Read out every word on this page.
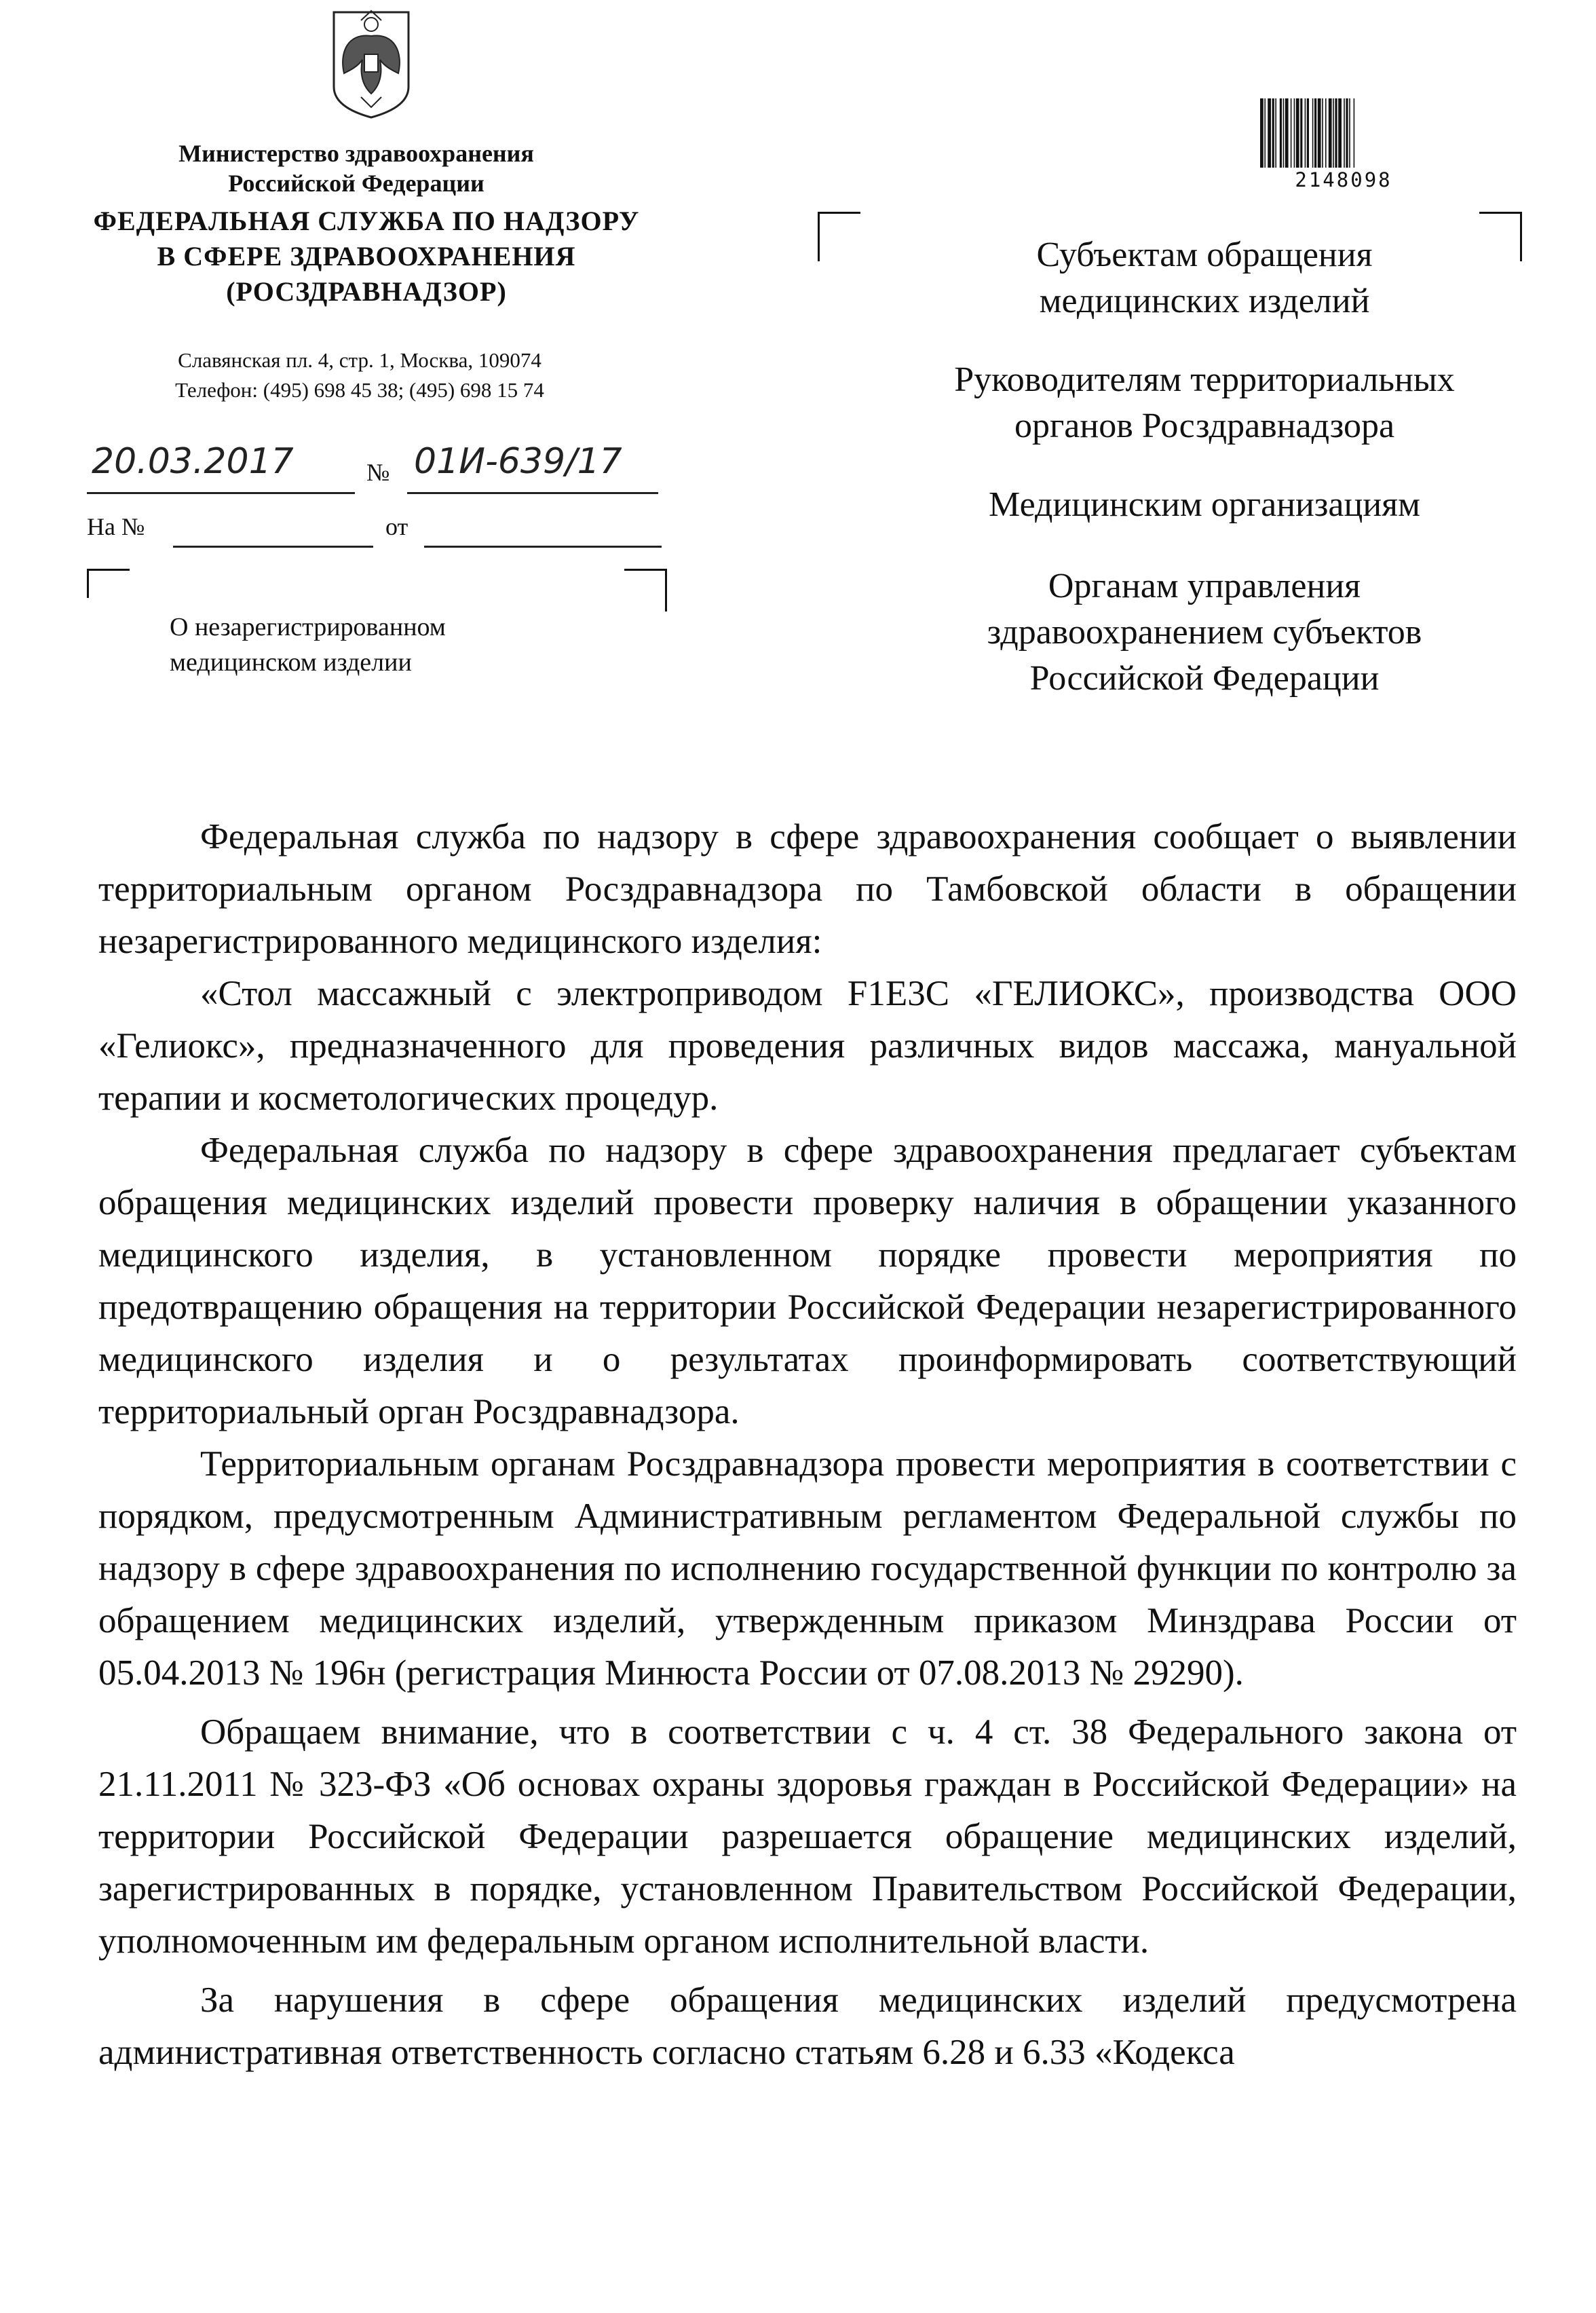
Министерство здравоохранения
Российской Федерации
ФЕДЕРАЛЬНАЯ СЛУЖБА ПО НАДЗОРУ
В СФЕРЕ ЗДРАВООХРАНЕНИЯ
(РОСЗДРАВНАДЗОР)
Славянская пл. 4, стр. 1, Москва, 109074
Телефон: (495) 698 45 38; (495) 698 15 74
20.03.2017	№ 01И-639/17
На №	от
О незарегистрированном
медицинском изделии
2148098
Субъектам обращения
медицинских изделий
Руководителям территориальных
органов Росздравнадзора
Медицинским организациям
Органам управления
здравоохранением субъектов
Российской Федерации

Федеральная служба по надзору в сфере здравоохранения сообщает о выявлении территориальным органом Росздравнадзора по Тамбовской области в обращении незарегистрированного медицинского изделия:

«Стол массажный с электроприводом F1E3C «ГЕЛИОКС», производства ООО «Гелиокс», предназначенного для проведения различных видов массажа, мануальной терапии и косметологических процедур.

Федеральная служба по надзору в сфере здравоохранения предлагает субъектам обращения медицинских изделий провести проверку наличия в обращении указанного медицинского изделия, в установленном порядке провести мероприятия по предотвращению обращения на территории Российской Федерации незарегистрированного медицинского изделия и о результатах проинформировать соответствующий территориальный орган Росздравнадзора.

Территориальным органам Росздравнадзора провести мероприятия в соответствии с порядком, предусмотренным Административным регламентом Федеральной службы по надзору в сфере здравоохранения по исполнению государственной функции по контролю за обращением медицинских изделий, утвержденным приказом Минздрава России от 05.04.2013 № 196н (регистрация Минюста России от 07.08.2013 № 29290).

Обращаем внимание, что в соответствии с ч. 4 ст. 38 Федерального закона от 21.11.2011 № 323-ФЗ «Об основах охраны здоровья граждан в Российской Федерации» на территории Российской Федерации разрешается обращение медицинских изделий, зарегистрированных в порядке, установленном Правительством Российской Федерации, уполномоченным им федеральным органом исполнительной власти.

За нарушения в сфере обращения медицинских изделий предусмотрена административная ответственность согласно статьям 6.28 и 6.33 «Кодекса
